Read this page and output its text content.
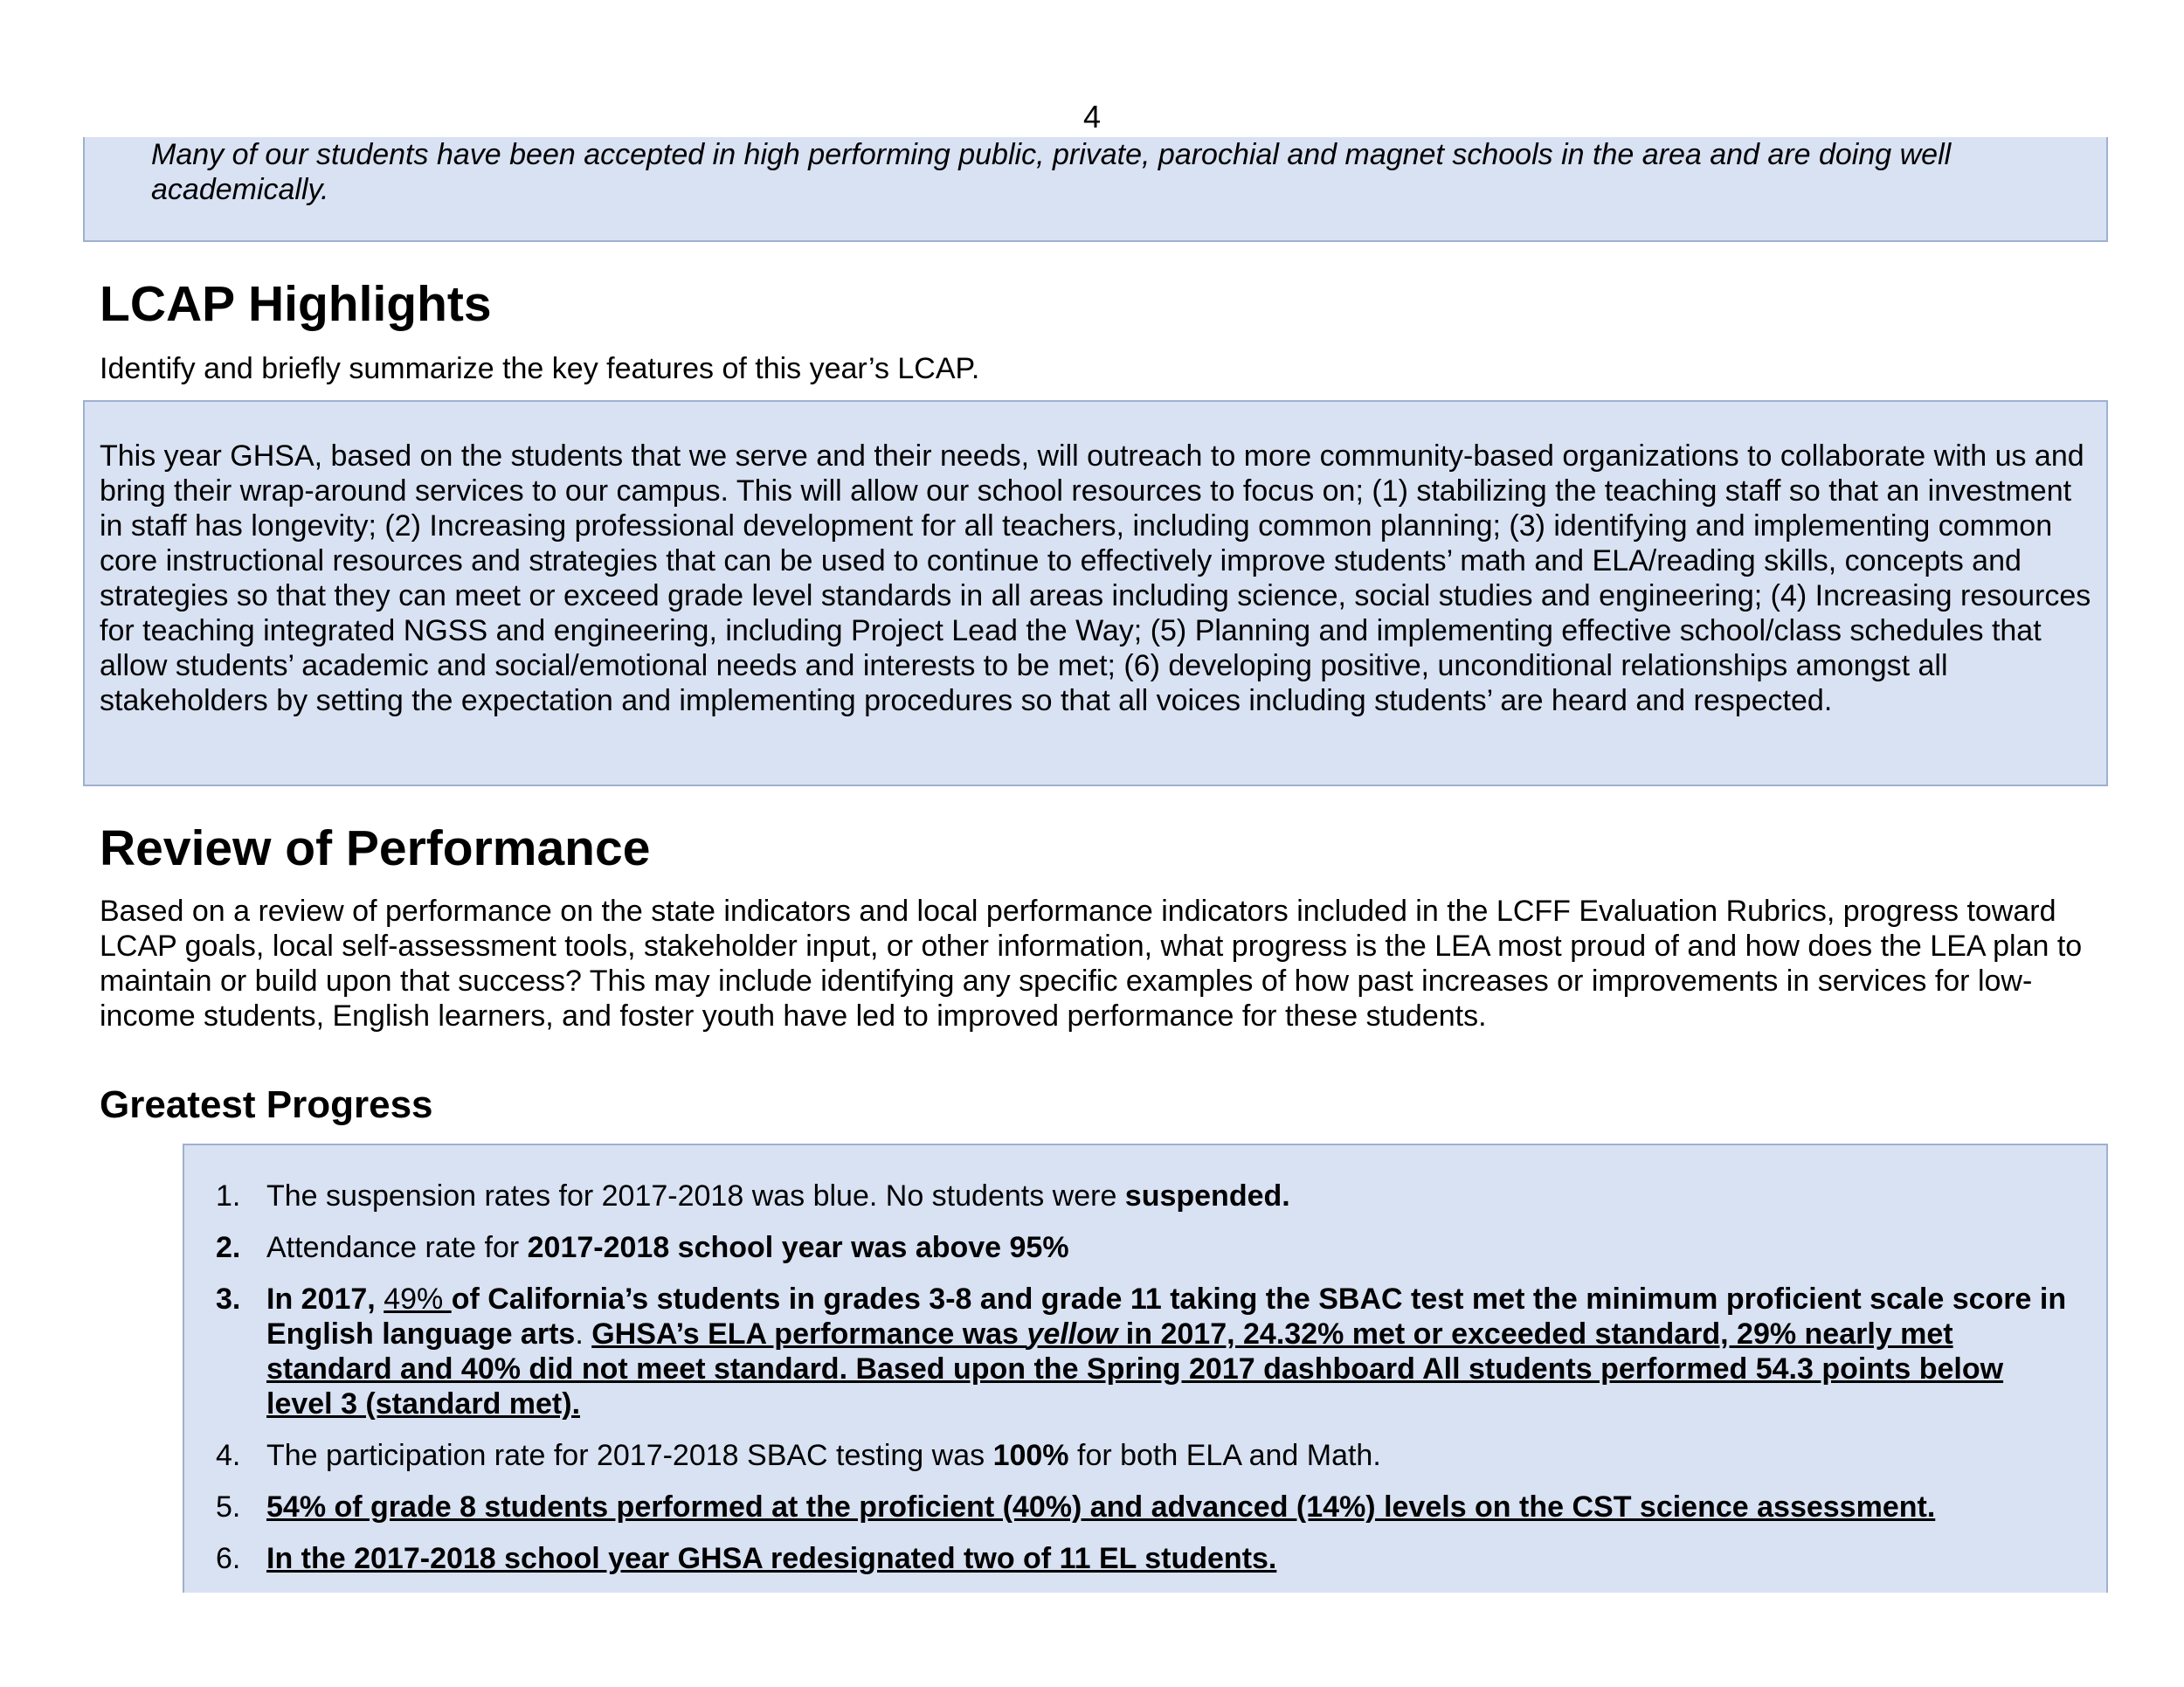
4

Many of our students have been accepted in high performing public, private, parochial and magnet schools in the area and are doing well academically.

LCAP Highlights

Identify and briefly summarize the key features of this year’s LCAP.

This year GHSA, based on the students that we serve and their needs, will outreach to more community-based organizations to collaborate with us and bring their wrap-around services to our campus. This will allow our school resources to focus on; (1) stabilizing the teaching staff so that an investment in staff has longevity; (2) Increasing professional development for all teachers, including common planning; (3) identifying and implementing common core instructional resources and strategies that can be used to continue to effectively improve students’ math and ELA/reading skills, concepts and strategies so that they can meet or exceed grade level standards in all areas including science, social studies and engineering; (4) Increasing resources for teaching integrated NGSS and engineering, including Project Lead the Way; (5) Planning and implementing effective school/class schedules that allow students’ academic and social/emotional needs and interests to be met; (6) developing positive, unconditional relationships amongst all stakeholders by setting the expectation and implementing procedures so that all voices including students’ are heard and respected.

Review of Performance

Based on a review of performance on the state indicators and local performance indicators included in the LCFF Evaluation Rubrics, progress toward LCAP goals, local self-assessment tools, stakeholder input, or other information, what progress is the LEA most proud of and how does the LEA plan to maintain or build upon that success? This may include identifying any specific examples of how past increases or improvements in services for low-income students, English learners, and foster youth have led to improved performance for these students.

Greatest Progress
1. The suspension rates for 2017-2018 was blue. No students were suspended.
2. Attendance rate for 2017-2018 school year was above 95%
3. In 2017, 49% of California’s students in grades 3-8 and grade 11 taking the SBAC test met the minimum proficient scale score in English language arts. GHSA’s ELA performance was yellow in 2017, 24.32% met or exceeded standard, 29% nearly met standard and 40% did not meet standard. Based upon the Spring 2017 dashboard All students performed 54.3 points below level 3 (standard met).
4. The participation rate for 2017-2018 SBAC testing was 100% for both ELA and Math.
5. 54% of grade 8 students performed at the proficient (40%) and advanced (14%) levels on the CST science assessment.
6. In the 2017-2018 school year GHSA redesignated two of 11 EL students.
